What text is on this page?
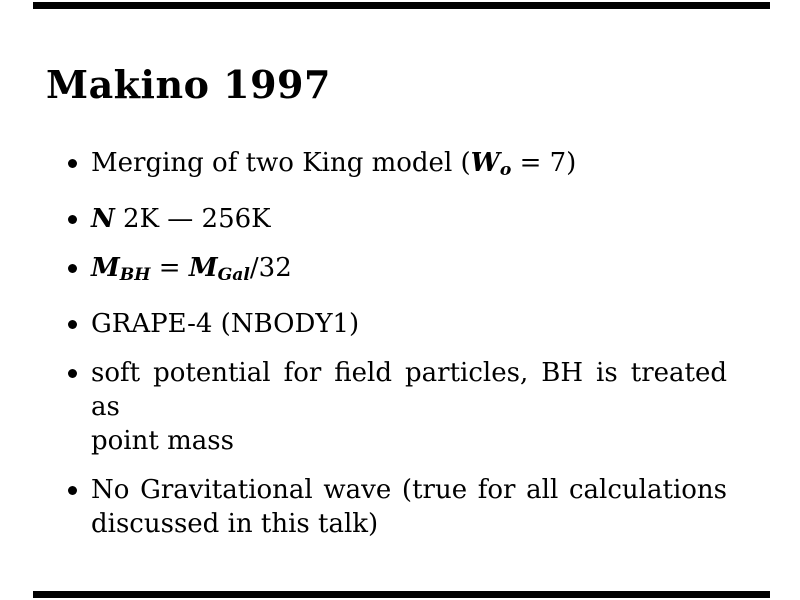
Makino 1997
Merging of two King model (Wo = 7)
N 2K — 256K
MBH = MGal/32
GRAPE-4 (NBODY1)
soft potential for field particles, BH is treated as
point mass
No Gravitational wave (true for all calculations
discussed in this talk)
